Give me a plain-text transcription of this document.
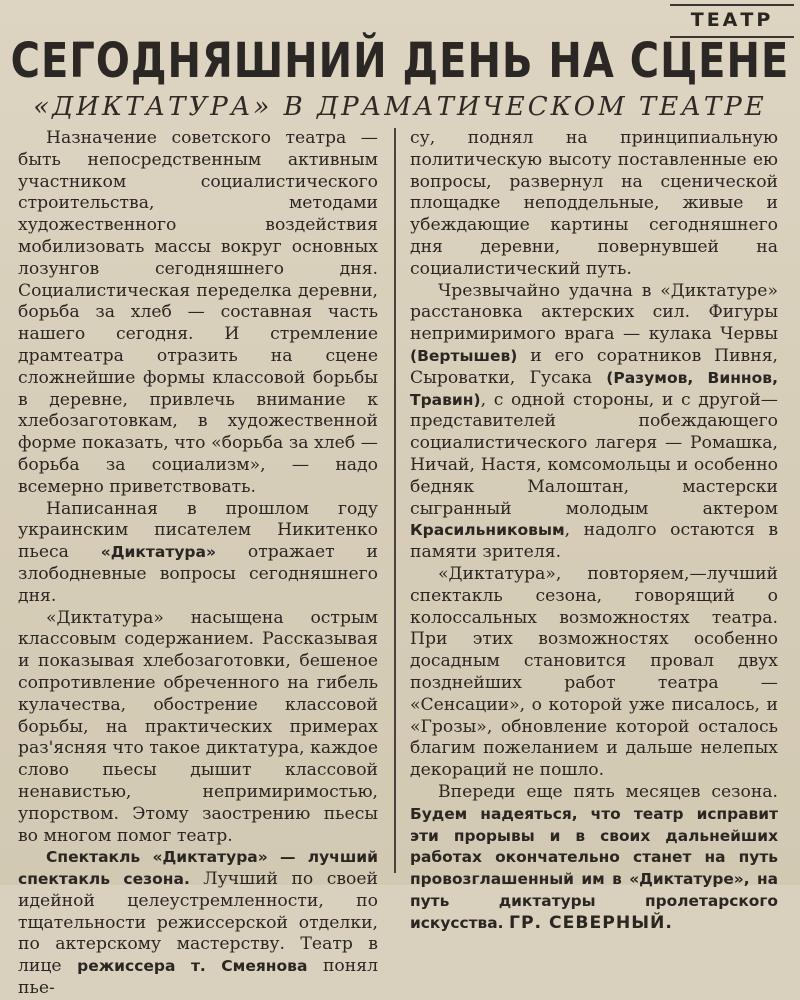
ТЕАТР
СЕГОДНЯШНИЙ ДЕНЬ НА СЦЕНЕ
«ДИКТАТУРА» В ДРАМАТИЧЕСКОМ ТЕАТРЕ

Назначение советского театра — быть непосредственным активным участником социалистического строительства, методами художественного воздействия мобилизовать массы вокруг основных лозунгов сегодняшнего дня. Социалистическая переделка деревни, борьба за хлеб — составная часть нашего сегодня. И стремление драмтеатра отразить на сцене сложнейшие формы классовой борьбы в деревне, привлечь внимание к хлебозаготовкам, в художественной форме показать, что «борьба за хлеб — борьба за социализм», — надо всемерно приветствовать.

Написанная в прошлом году украинским писателем Никитенко пьеса «Диктатура» отражает и злободневные вопросы сегодняшнего дня.

«Диктатура» насыщена острым классовым содержанием. Рассказывая и показывая хлебозаготовки, бешеное сопротивление обреченного на гибель кулачества, обострение классовой борьбы, на практических примерах раз'ясняя что такое диктатура, каждое слово пьесы дышит классовой ненавистью, непримиримостью, упорством. Этому заострению пьесы во многом помог театр.

Спектакль «Диктатура» — лучший спектакль сезона. Лучший по своей идейной целеустремленности, по тщательности режиссерской отделки, по актерскому мастерству. Театр в лице режиссера т. Смеянова понял пье-

су, поднял на принципиальную политическую высоту поставленные ею вопросы, развернул на сценической площадке неподдельные, живые и убеждающие картины сегодняшнего дня деревни, повернувшей на социалистический путь.

Чрезвычайно удачна в «Диктатуре» расстановка актерских сил. Фигуры непримиримого врага — кулака Червы (Вертышев) и его соратников Пивня, Сыроватки, Гусака (Разумов, Виннов, Травин), с одной стороны, и с другой—представителей побеждающего социалистического лагеря — Ромашка, Ничай, Настя, комсомольцы и особенно бедняк Малоштан, мастерски сыгранный молодым актером Красильниковым, надолго остаются в памяти зрителя.

«Диктатура», повторяем,—лучший спектакль сезона, говорящий о колоссальных возможностях театра. При этих возможностях особенно досадным становится провал двух позднейших работ театра — «Сенсации», о которой уже писалось, и «Грозы», обновление которой осталось благим пожеланием и дальше нелепых декораций не пошло.

Впереди еще пять месяцев сезона. Будем надеяться, что театр исправит эти прорывы и в своих дальнейших работах окончательно станет на путь провозглашенный им в «Диктатуре», на путь диктатуры пролетарского искусства. ГР. СЕВЕРНЫЙ.
